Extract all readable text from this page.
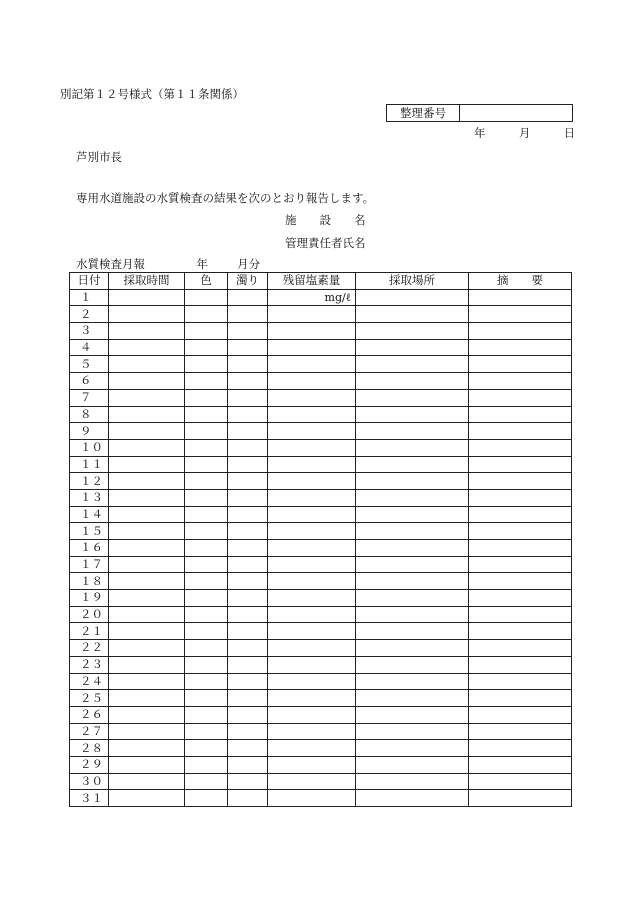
別記第１２号様式（第１１条関係）
整理番号	
年	月	日
芦別市長
専用水道施設の水質検査の結果を次のとおり報告します。
施　　設　　名
管理責任者氏名
水質検査月報	年	月分
日付	採取時間	色	濁り	残留塩素量	採取場所	摘　　要
１				mg/ℓ		
２						
３						
４						
５						
６						
７						
８						
９						
１０						
１１						
１２						
１３						
１４						
１５						
１６						
１７						
１８						
１９						
２０						
２１						
２２						
２３						
２４						
２５						
２６						
２７						
２８						
２９						
３０						
３１						
